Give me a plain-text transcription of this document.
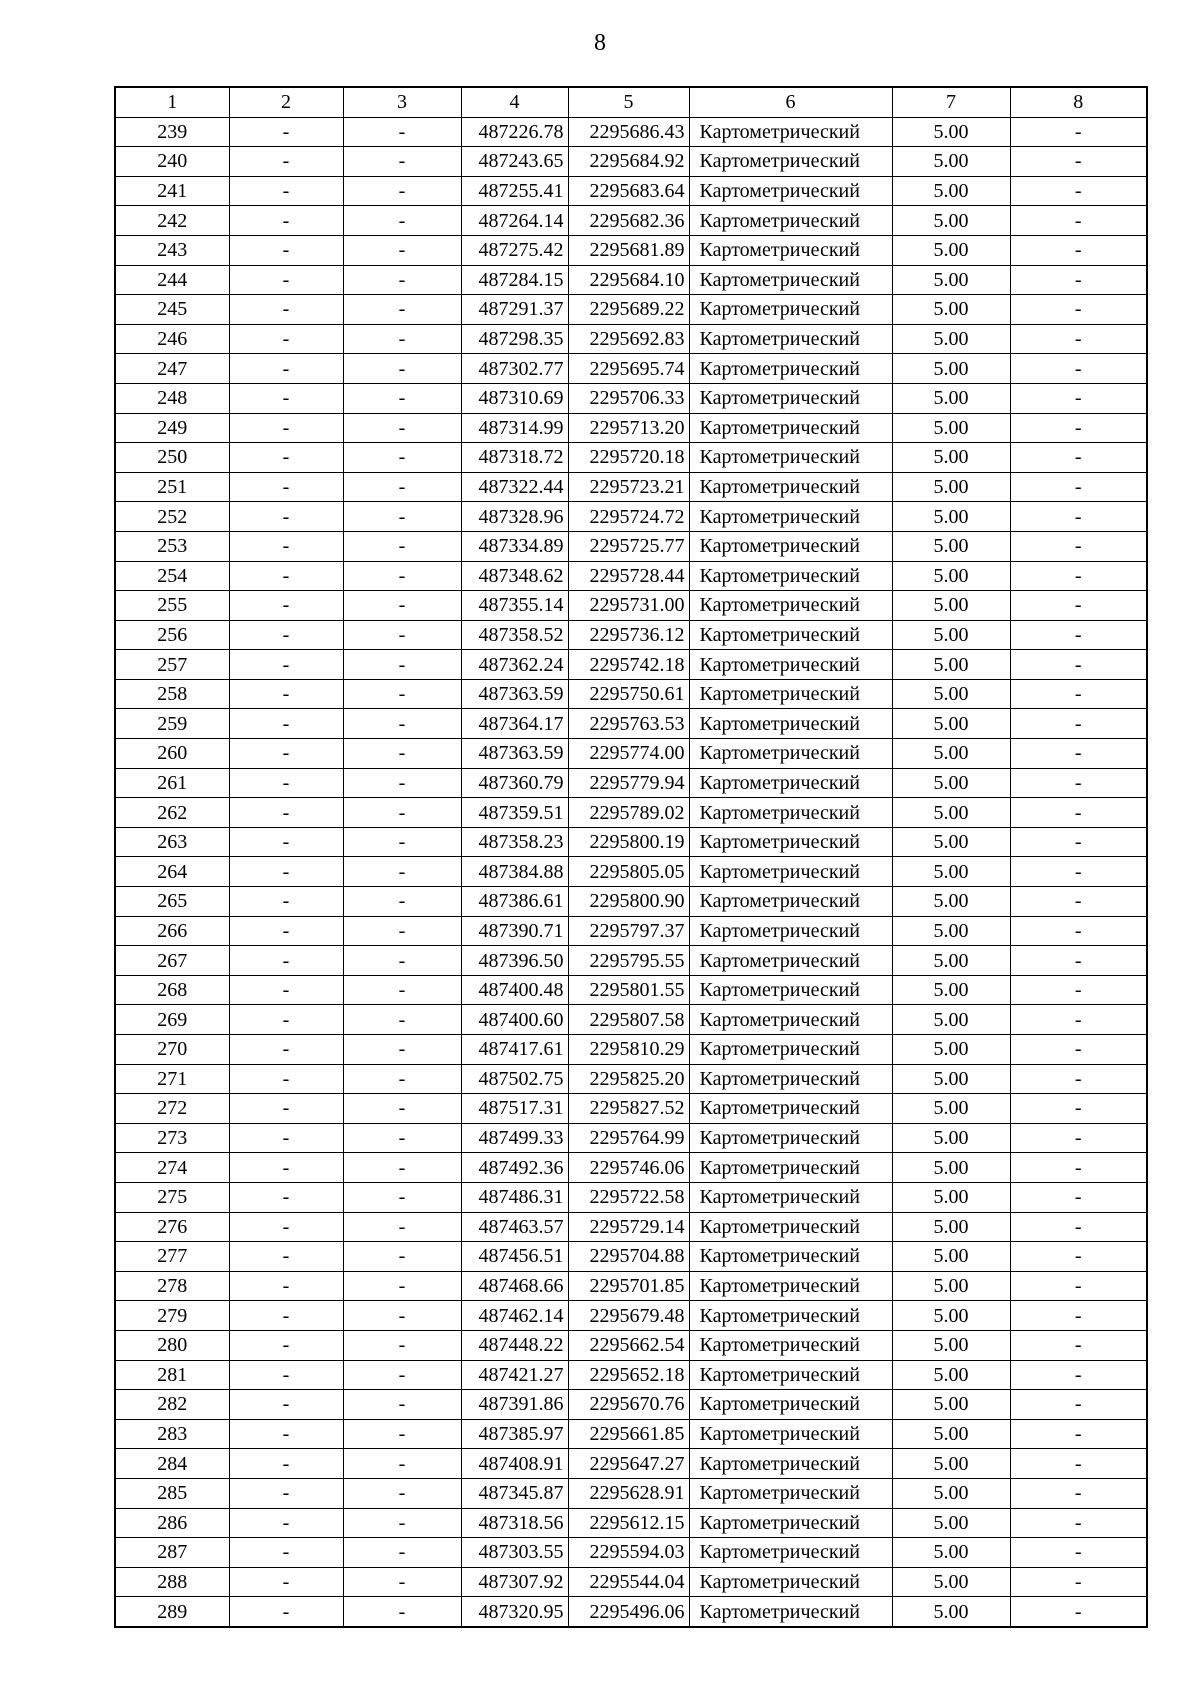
8
1	2	3	4	5	6	7	8
239	-	-	487226.78	2295686.43	Картометрический	5.00	-
240	-	-	487243.65	2295684.92	Картометрический	5.00	-
241	-	-	487255.41	2295683.64	Картометрический	5.00	-
242	-	-	487264.14	2295682.36	Картометрический	5.00	-
243	-	-	487275.42	2295681.89	Картометрический	5.00	-
244	-	-	487284.15	2295684.10	Картометрический	5.00	-
245	-	-	487291.37	2295689.22	Картометрический	5.00	-
246	-	-	487298.35	2295692.83	Картометрический	5.00	-
247	-	-	487302.77	2295695.74	Картометрический	5.00	-
248	-	-	487310.69	2295706.33	Картометрический	5.00	-
249	-	-	487314.99	2295713.20	Картометрический	5.00	-
250	-	-	487318.72	2295720.18	Картометрический	5.00	-
251	-	-	487322.44	2295723.21	Картометрический	5.00	-
252	-	-	487328.96	2295724.72	Картометрический	5.00	-
253	-	-	487334.89	2295725.77	Картометрический	5.00	-
254	-	-	487348.62	2295728.44	Картометрический	5.00	-
255	-	-	487355.14	2295731.00	Картометрический	5.00	-
256	-	-	487358.52	2295736.12	Картометрический	5.00	-
257	-	-	487362.24	2295742.18	Картометрический	5.00	-
258	-	-	487363.59	2295750.61	Картометрический	5.00	-
259	-	-	487364.17	2295763.53	Картометрический	5.00	-
260	-	-	487363.59	2295774.00	Картометрический	5.00	-
261	-	-	487360.79	2295779.94	Картометрический	5.00	-
262	-	-	487359.51	2295789.02	Картометрический	5.00	-
263	-	-	487358.23	2295800.19	Картометрический	5.00	-
264	-	-	487384.88	2295805.05	Картометрический	5.00	-
265	-	-	487386.61	2295800.90	Картометрический	5.00	-
266	-	-	487390.71	2295797.37	Картометрический	5.00	-
267	-	-	487396.50	2295795.55	Картометрический	5.00	-
268	-	-	487400.48	2295801.55	Картометрический	5.00	-
269	-	-	487400.60	2295807.58	Картометрический	5.00	-
270	-	-	487417.61	2295810.29	Картометрический	5.00	-
271	-	-	487502.75	2295825.20	Картометрический	5.00	-
272	-	-	487517.31	2295827.52	Картометрический	5.00	-
273	-	-	487499.33	2295764.99	Картометрический	5.00	-
274	-	-	487492.36	2295746.06	Картометрический	5.00	-
275	-	-	487486.31	2295722.58	Картометрический	5.00	-
276	-	-	487463.57	2295729.14	Картометрический	5.00	-
277	-	-	487456.51	2295704.88	Картометрический	5.00	-
278	-	-	487468.66	2295701.85	Картометрический	5.00	-
279	-	-	487462.14	2295679.48	Картометрический	5.00	-
280	-	-	487448.22	2295662.54	Картометрический	5.00	-
281	-	-	487421.27	2295652.18	Картометрический	5.00	-
282	-	-	487391.86	2295670.76	Картометрический	5.00	-
283	-	-	487385.97	2295661.85	Картометрический	5.00	-
284	-	-	487408.91	2295647.27	Картометрический	5.00	-
285	-	-	487345.87	2295628.91	Картометрический	5.00	-
286	-	-	487318.56	2295612.15	Картометрический	5.00	-
287	-	-	487303.55	2295594.03	Картометрический	5.00	-
288	-	-	487307.92	2295544.04	Картометрический	5.00	-
289	-	-	487320.95	2295496.06	Картометрический	5.00	-
